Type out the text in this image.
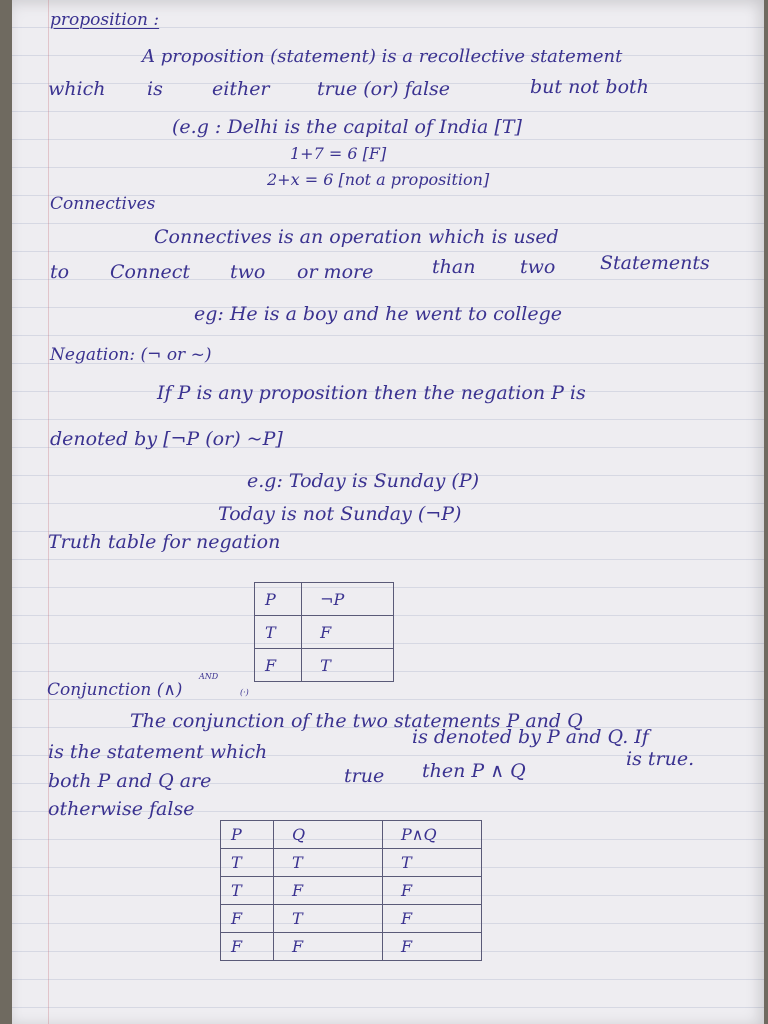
proposition :
A proposition (statement) is a recollective statement
which is	either true (or) false	but not both
(e.g : Delhi is the capital of India [T]
1+7 = 6 [F]
2+x = 6 [not a proposition]
Connectives
Connectives is an operation which is used
to Connect two or more	than two Statements
eg: He is a boy and he went to college
Negation: (¬ or ~)
If P is any proposition then the negation P is
denoted by [¬P (or) ~P]
e.g: Today is Sunday (P)
Today is not Sunday (¬P)
Truth table for negation
P	¬P
T	F
F	T
AND
Conjunction (∧)	(·)
The conjunction of the two statements P and Q
is the statement which
is denoted by P and Q. If
both P and Q are	true then P ∧ Q
is true.
otherwise false
P	Q	P∧Q
T	T	T
T	F	F
F	T	F
F	F	F
